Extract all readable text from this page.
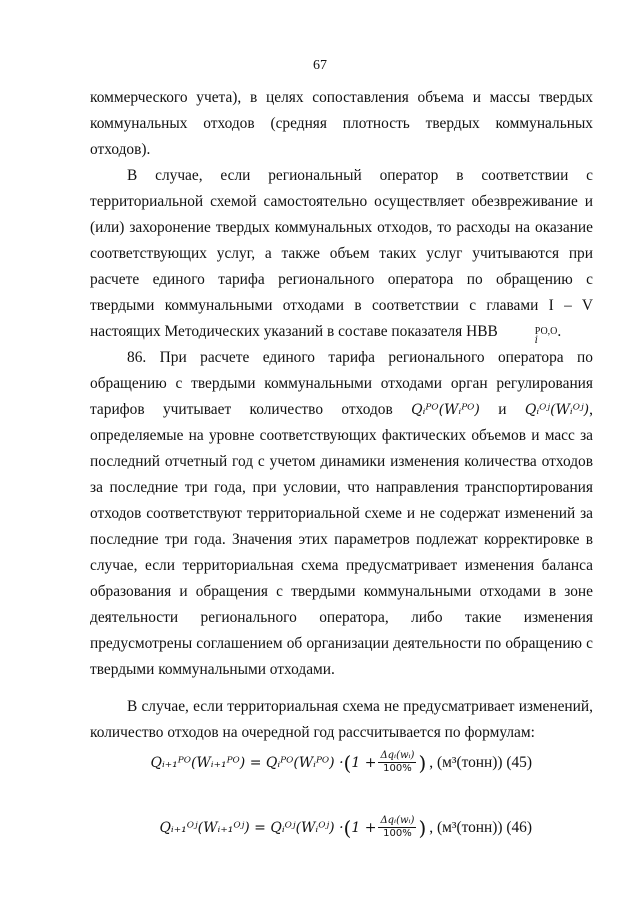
67

коммерческого учета), в целях сопоставления объема и массы твердых коммунальных отходов (средняя плотность твердых коммунальных отходов).

В случае, если региональный оператор в соответствии с территориальной схемой самостоятельно осуществляет обезвреживание и (или) захоронение твердых коммунальных отходов, то расходы на оказание соответствующих услуг, а также объем таких услуг учитываются при расчете единого тарифа регионального оператора по обращению с твердыми коммунальными отходами в соответствии с главами I – V настоящих Методических указаний в составе показателя НВВ	РО,О
i
.

86. При расчете единого тарифа регионального оператора по обращению с твердыми коммунальными отходами орган регулирования тарифов учитывает количество отходов Qᵢᴾᴼ(Wᵢᴾᴼ) и Qᵢᴼʲ(Wᵢᴼʲ), определяемые на уровне соответствующих фактических объемов и масс за последний отчетный год с учетом динамики изменения количества отходов за последние три года, при условии, что направления транспортирования отходов соответствуют территориальной схеме и не содержат изменений за последние три года. Значения этих параметров подлежат корректировке в случае, если территориальная схема предусматривает изменения баланса образования и обращения с твердыми коммунальными отходами в зоне деятельности регионального оператора, либо такие изменения предусмотрены соглашением об организации деятельности по обращению с твердыми коммунальными отходами.

В случае, если территориальная схема не предусматривает изменений, количество отходов на очередной год рассчитывается по формулам:

Qᵢ₊₁ᴾᴼ(Wᵢ₊₁ᴾᴼ) = Qᵢᴾᴼ(Wᵢᴾᴼ) · ( $1 + \frac{\text{Δqᵢ(wᵢ)}}{100\%}$ ) , (м³(тонн)) (45)
Qᵢ₊₁ᴼʲ(Wᵢ₊₁ᴼʲ) = Qᵢᴼʲ(Wᵢᴼʲ) · ( $1 + \frac{\text{Δqᵢ(wᵢ)}}{100\%}$ ) , (м³(тонн)) (46)
